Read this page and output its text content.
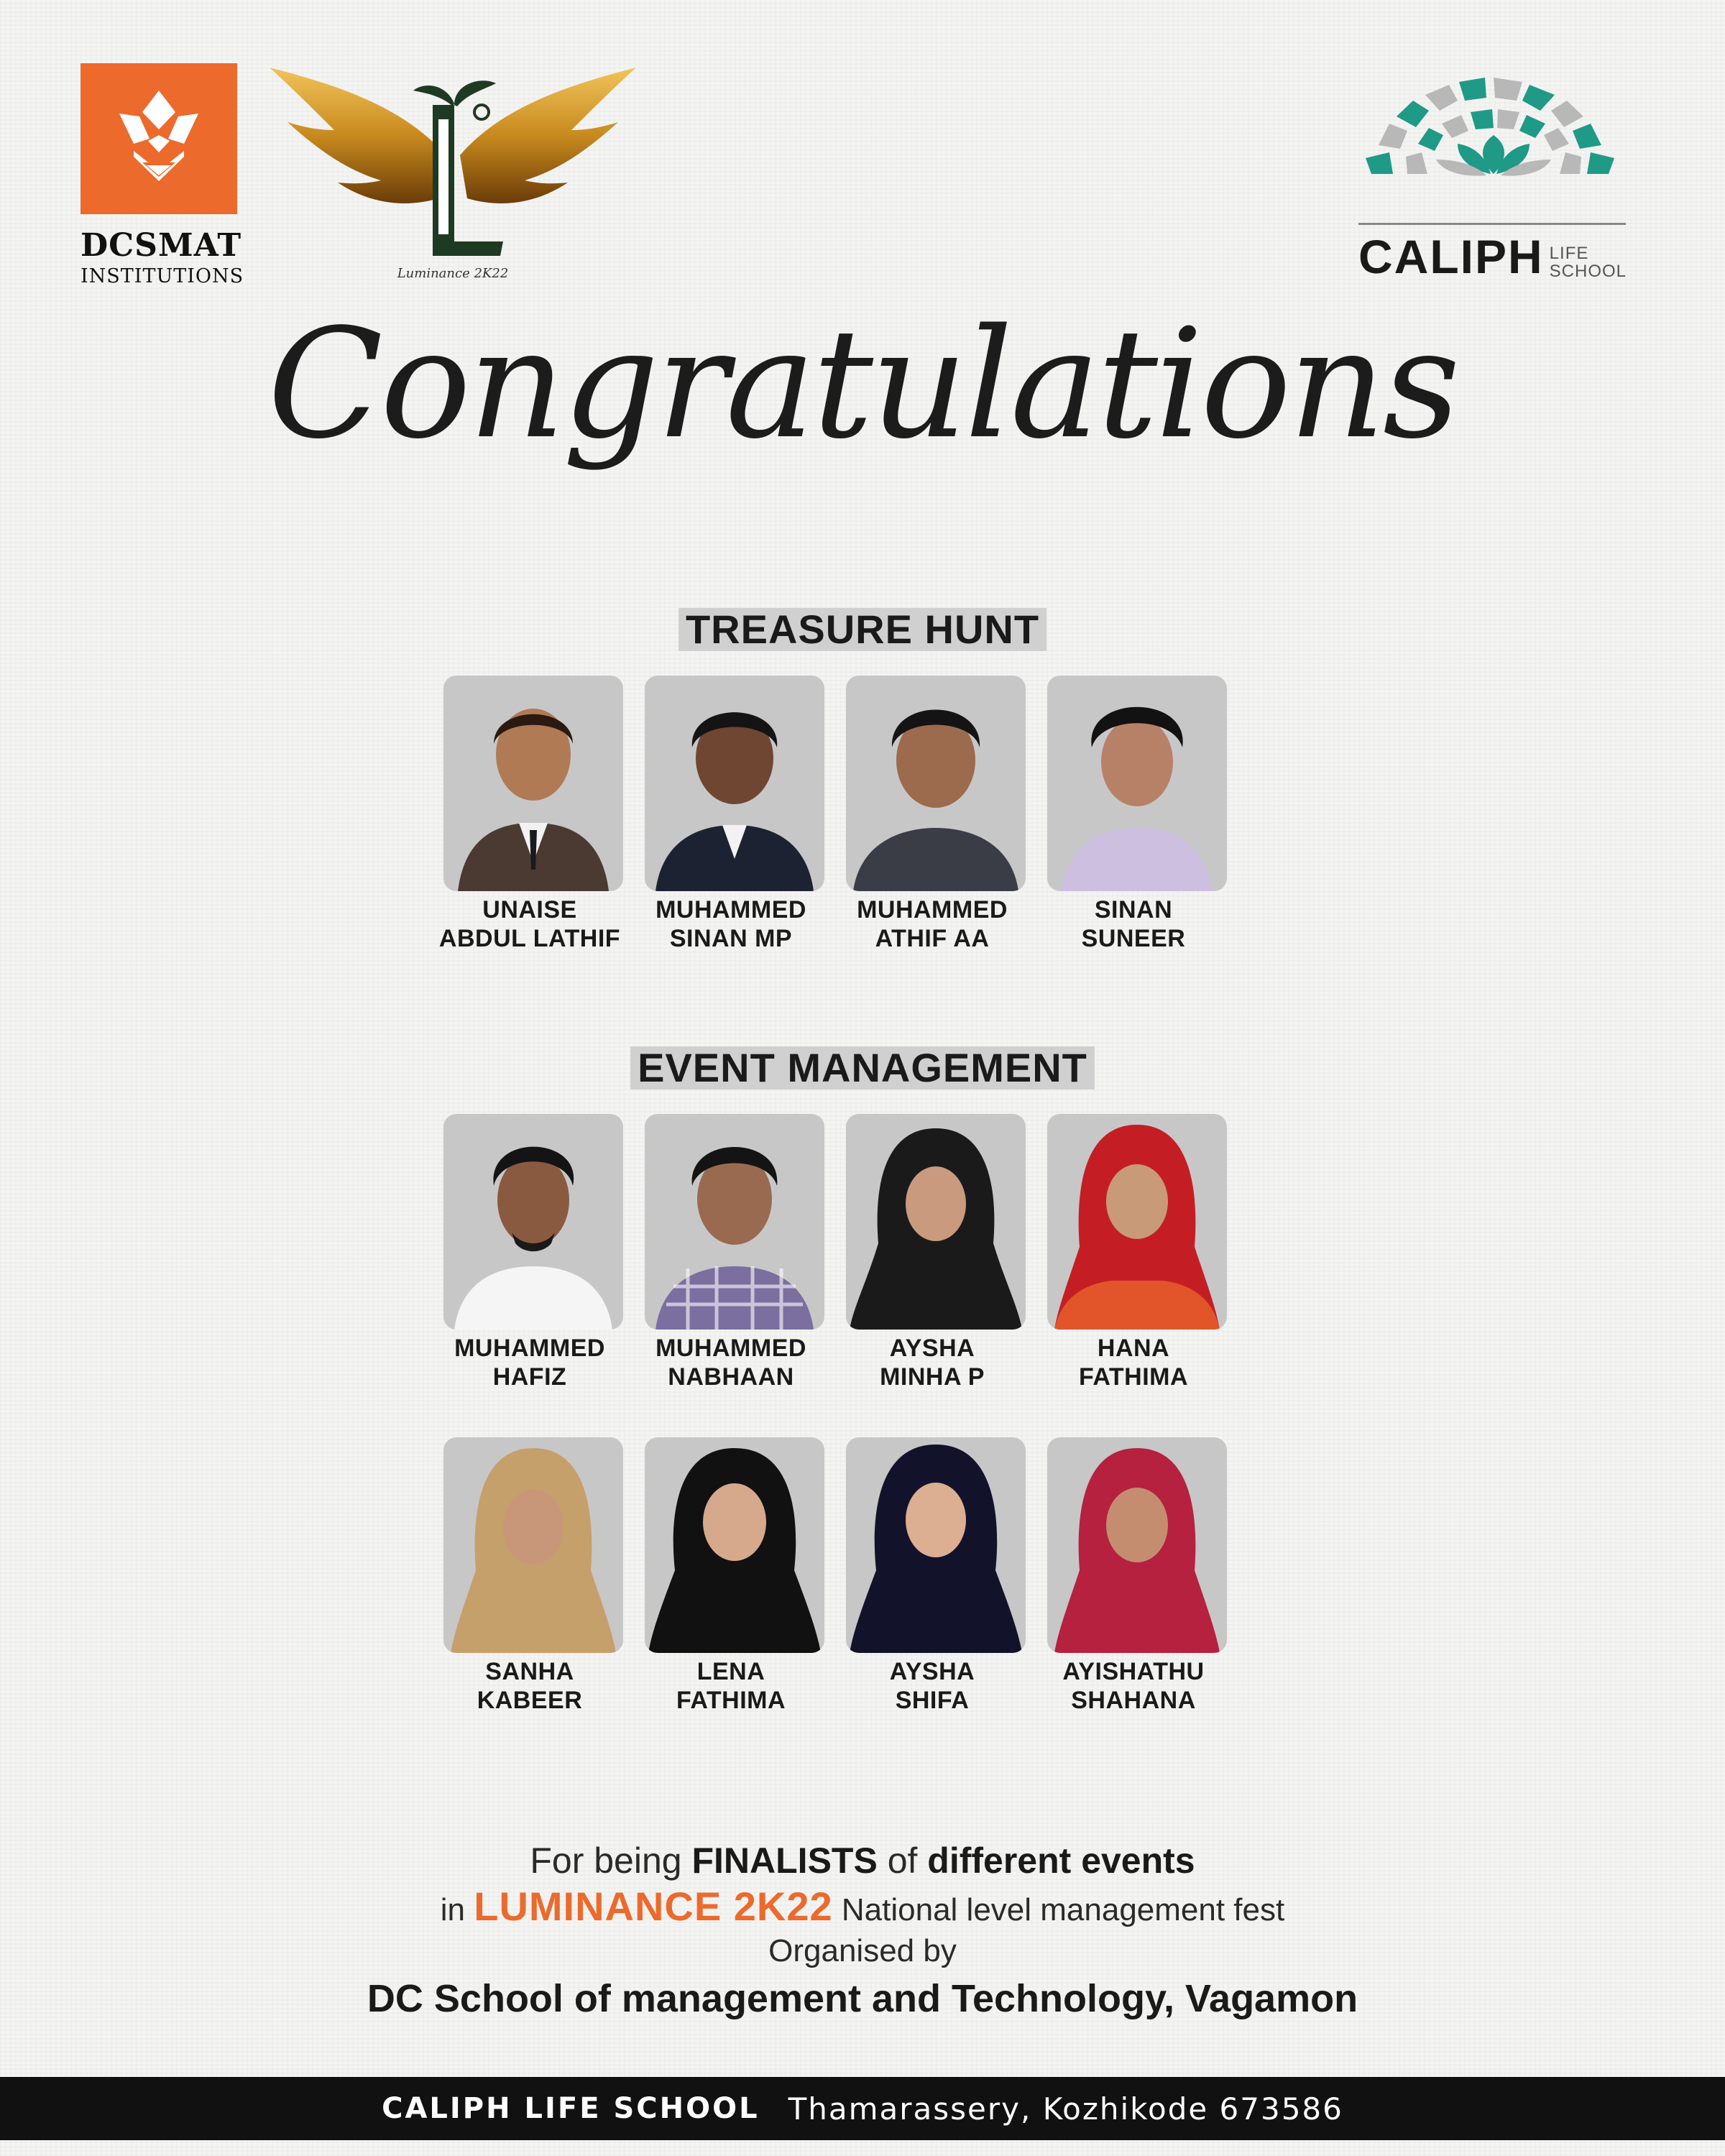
DCSMAT
INSTITUTIONS	Luminance 2K22	CALIPH LIFE
SCHOOL
Congratulations
TREASURE HUNT
UNAISE
ABDUL LATHIF
MUHAMMED
SINAN MP
MUHAMMED
ATHIF AA
SINAN
SUNEER
EVENT MANAGEMENT
MUHAMMED
HAFIZ
MUHAMMED
NABHAAN
AYSHA
MINHA P
HANA
FATHIMA
SANHA
KABEER
LENA
FATHIMA
AYSHA
SHIFA
AYISHATHU
SHAHANA
For being FINALISTS of different events
in LUMINANCE 2K22 National level management fest
Organised by
DC School of management and Technology, Vagamon
CALIPH LIFE SCHOOL Thamarassery, Kozhikode 673586
